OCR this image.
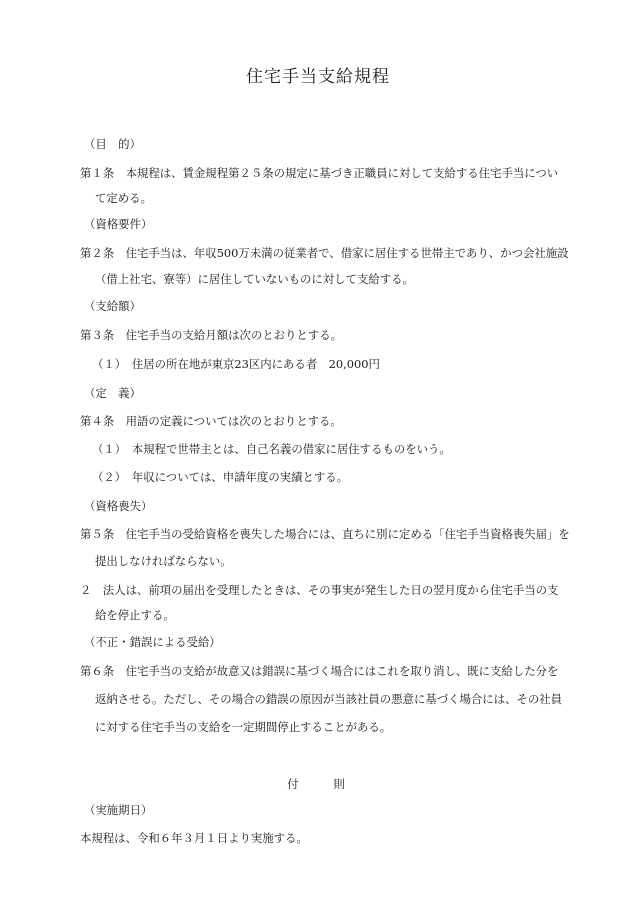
住宅手当支給規程
（目　的）
第１条　本規程は、賃金規程第２５条の規定に基づき正職員に対して支給する住宅手当につい
て定める。
（資格要件）
第２条　住宅手当は、年収500万未満の従業者で、借家に居住する世帯主であり、かつ会社施設
（借上社宅、寮等）に居住していないものに対して支給する。
（支給額）
第３条　住宅手当の支給月額は次のとおりとする。
（１）　住居の所在地が東京23区内にある者　20,000円
（定　義）
第４条　用語の定義については次のとおりとする。
（１）　本規程で世帯主とは、自己名義の借家に居住するものをいう。
（２）　年収については、申請年度の実績とする。
（資格喪失）
第５条　住宅手当の受給資格を喪失した場合には、直ちに別に定める「住宅手当資格喪失届」を
提出しなければならない。
２　法人は、前項の届出を受理したときは、その事実が発生した日の翌月度から住宅手当の支
給を停止する。
（不正・錯誤による受給）
第６条　住宅手当の支給が故意又は錯誤に基づく場合にはこれを取り消し、既に支給した分を
返納させる。ただし、その場合の錯誤の原因が当該社員の悪意に基づく場合には、その社員
に対する住宅手当の支給を一定期間停止することがある。
付　　則
（実施期日）
本規程は、令和６年３月１日より実施する。
